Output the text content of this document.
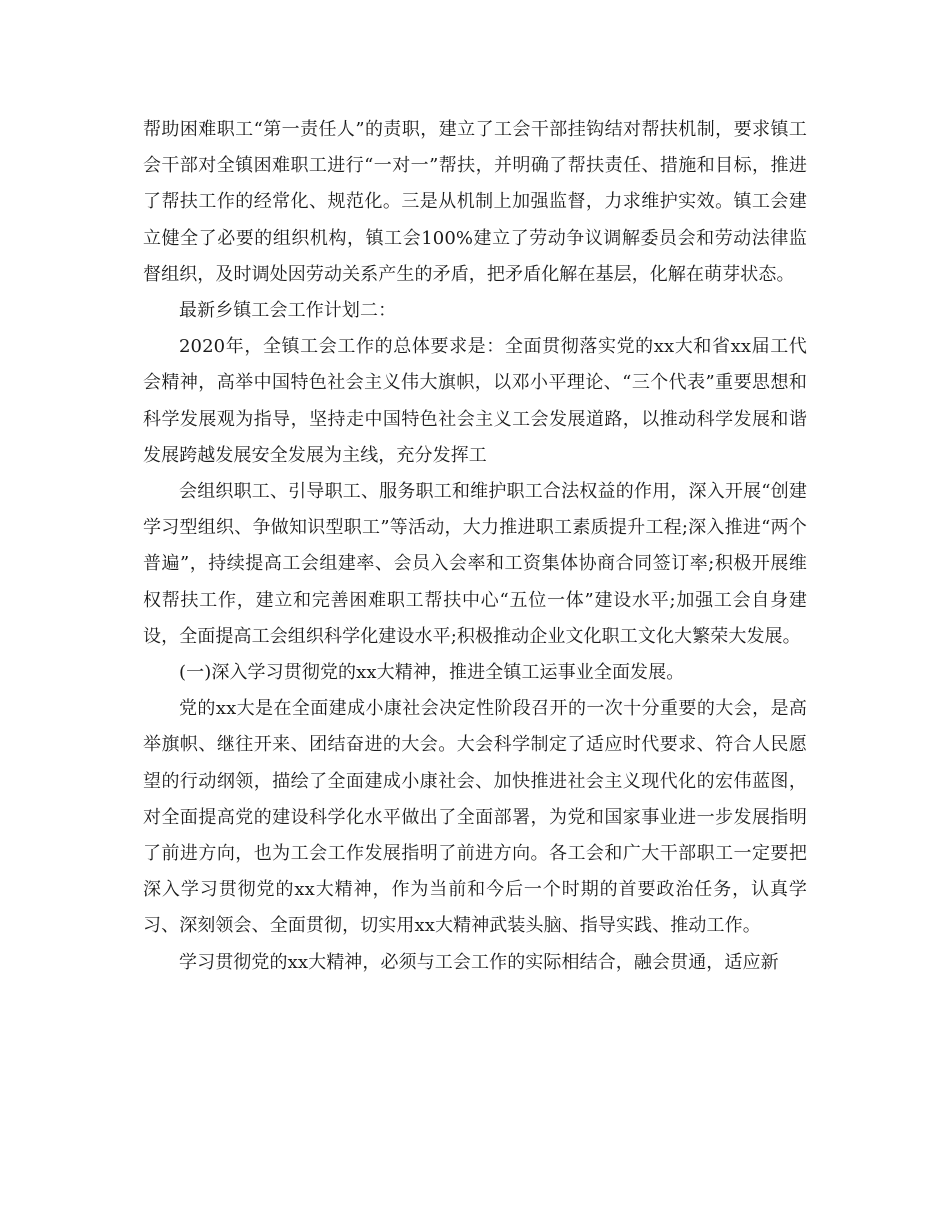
帮助困难职工“第一责任人”的责职，建立了工会干部挂钩结对帮扶机制，要求镇工会干部对全镇困难职工进行“一对一”帮扶，并明确了帮扶责任、措施和目标，推进了帮扶工作的经常化、规范化。三是从机制上加强监督，力求维护实效。镇工会建立健全了必要的组织机构，镇工会100%建立了劳动争议调解委员会和劳动法律监督组织，及时调处因劳动关系产生的矛盾，把矛盾化解在基层，化解在萌芽状态。

最新乡镇工会工作计划二：

2020年，全镇工会工作的总体要求是：全面贯彻落实党的xx大和省xx届工代会精神，高举中国特色社会主义伟大旗帜，以邓小平理论、“三个代表”重要思想和科学发展观为指导，坚持走中国特色社会主义工会发展道路，以推动科学发展和谐发展跨越发展安全发展为主线，充分发挥工

会组织职工、引导职工、服务职工和维护职工合法权益的作用，深入开展“创建学习型组织、争做知识型职工”等活动，大力推进职工素质提升工程;深入推进“两个普遍”，持续提高工会组建率、会员入会率和工资集体协商合同签订率;积极开展维权帮扶工作，建立和完善困难职工帮扶中心“五位一体”建设水平;加强工会自身建设，全面提高工会组织科学化建设水平;积极推动企业文化职工文化大繁荣大发展。

(一)深入学习贯彻党的xx大精神，推进全镇工运事业全面发展。

党的xx大是在全面建成小康社会决定性阶段召开的一次十分重要的大会，是高举旗帜、继往开来、团结奋进的大会。大会科学制定了适应时代要求、符合人民愿望的行动纲领，描绘了全面建成小康社会、加快推进社会主义现代化的宏伟蓝图，对全面提高党的建设科学化水平做出了全面部署，为党和国家事业进一步发展指明了前进方向，也为工会工作发展指明了前进方向。各工会和广大干部职工一定要把深入学习贯彻党的xx大精神，作为当前和今后一个时期的首要政治任务，认真学习、深刻领会、全面贯彻，切实用xx大精神武装头脑、指导实践、推动工作。

学习贯彻党的xx大精神，必须与工会工作的实际相结合，融会贯通，适应新
